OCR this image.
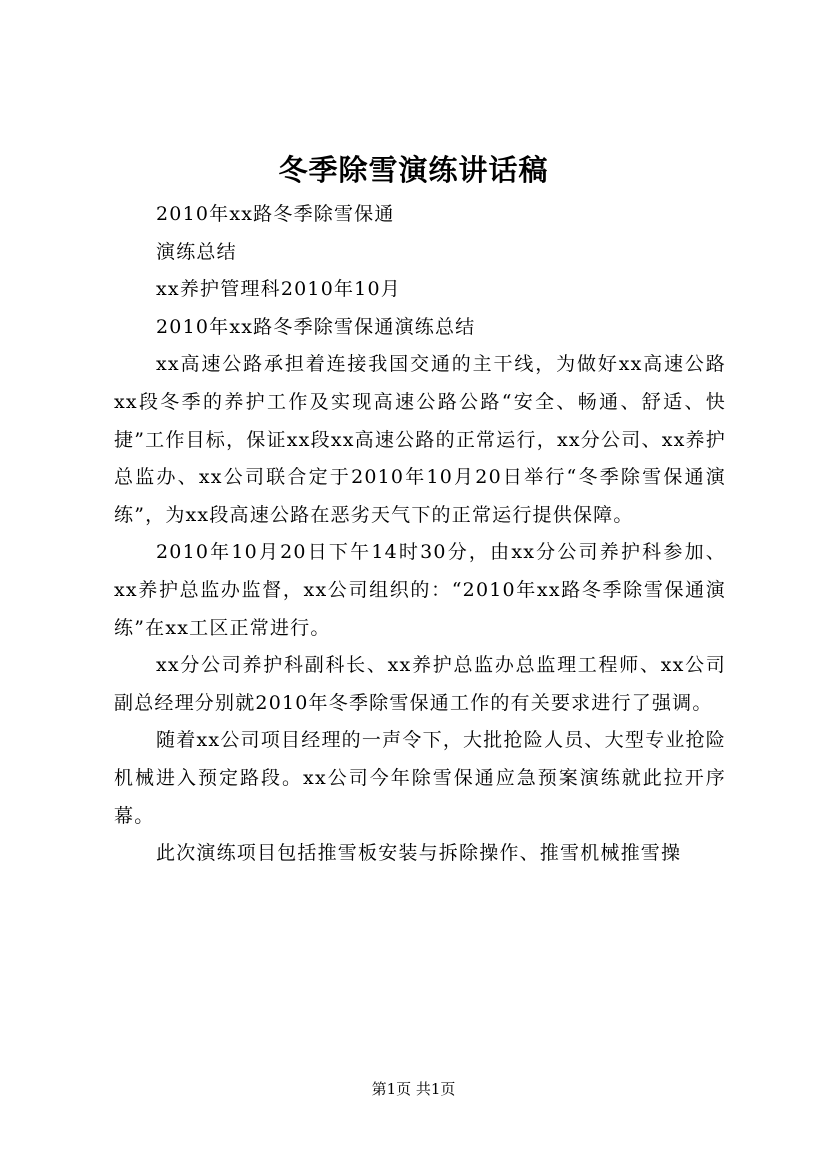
冬季除雪演练讲话稿

2010年xx路冬季除雪保通

演练总结

xx养护管理科2010年10月

2010年xx路冬季除雪保通演练总结

xx高速公路承担着连接我国交通的主干线，为做好xx高速公路xx段冬季的养护工作及实现高速公路公路“安全、畅通、舒适、快捷”工作目标，保证xx段xx高速公路的正常运行，xx分公司、xx养护总监办、xx公司联合定于2010年10月20日举行“冬季除雪保通演练”，为xx段高速公路在恶劣天气下的正常运行提供保障。

2010年10月20日下午14时30分，由xx分公司养护科参加、xx养护总监办监督，xx公司组织的：“2010年xx路冬季除雪保通演练”在xx工区正常进行。

xx分公司养护科副科长、xx养护总监办总监理工程师、xx公司副总经理分别就2010年冬季除雪保通工作的有关要求进行了强调。

随着xx公司项目经理的一声令下，大批抢险人员、大型专业抢险机械进入预定路段。xx公司今年除雪保通应急预案演练就此拉开序幕。

此次演练项目包括推雪板安装与拆除操作、推雪机械推雪操

第1页 共1页
